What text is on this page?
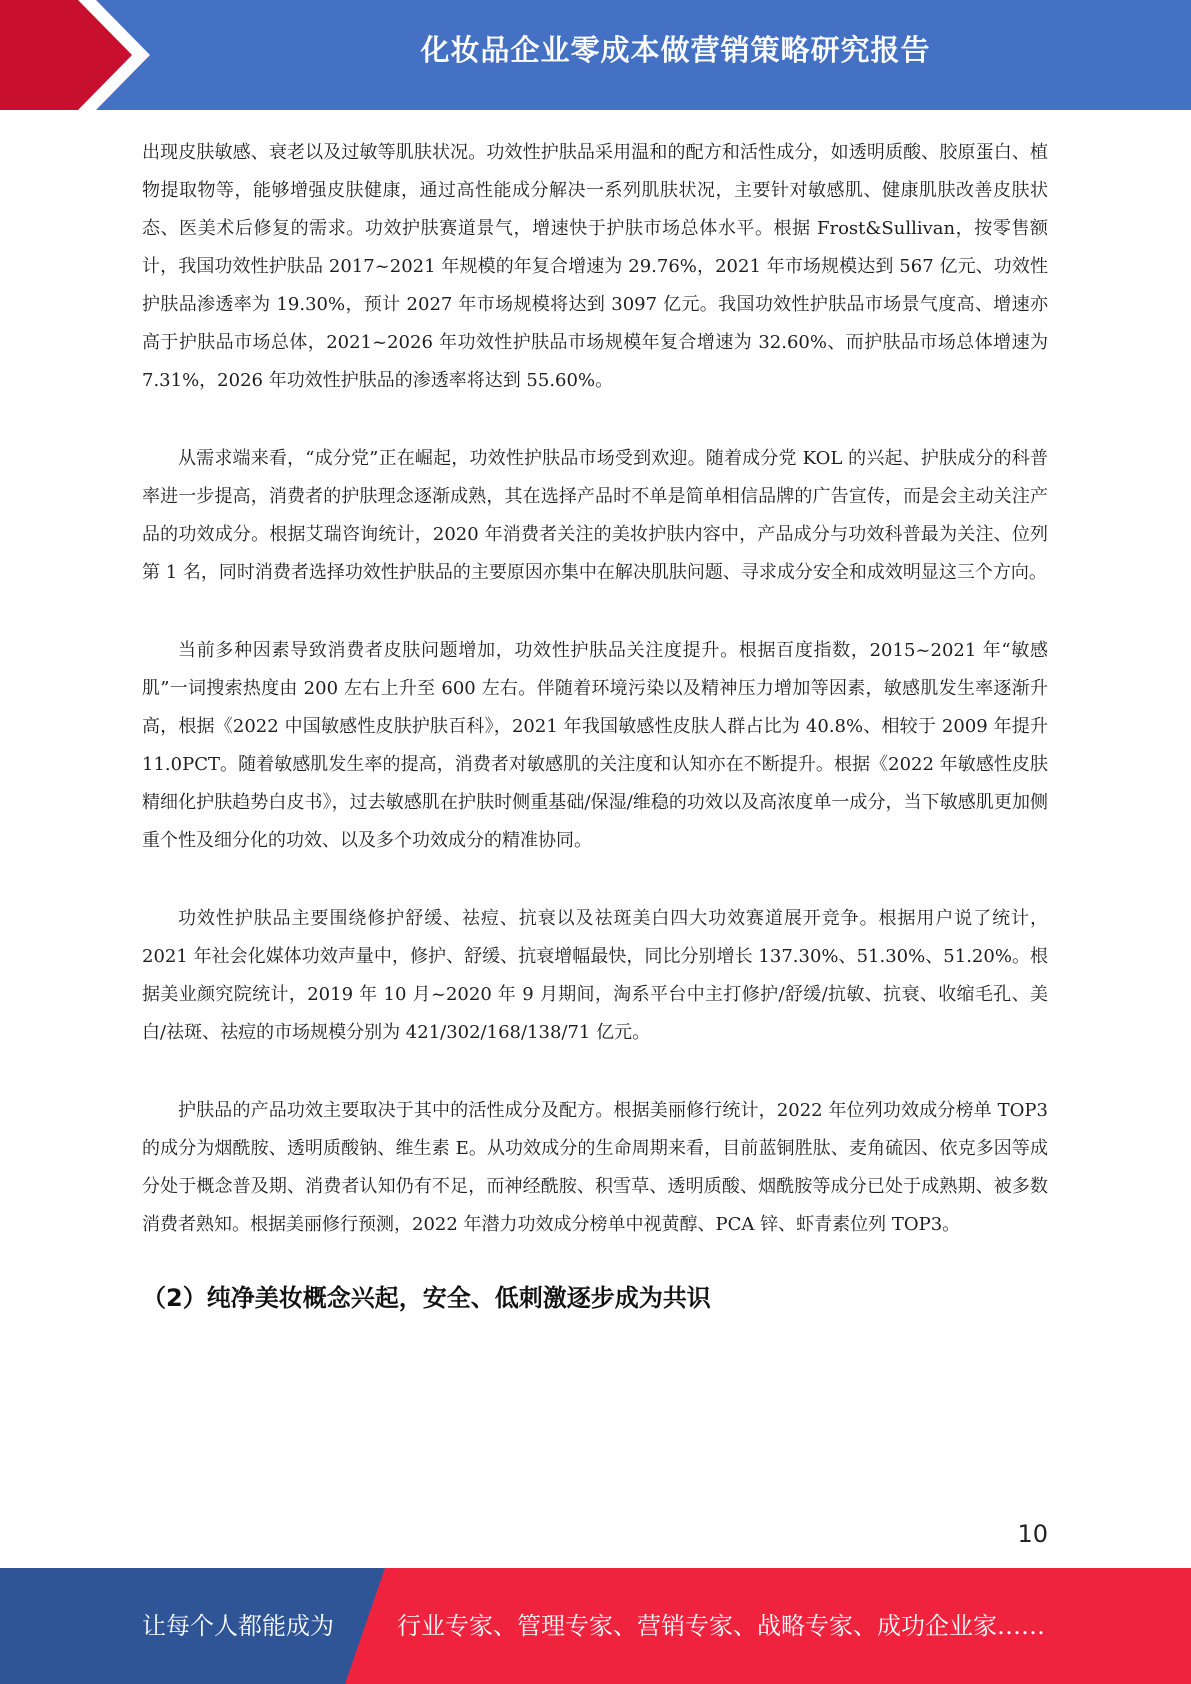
化妆品企业零成本做营销策略研究报告

出现皮肤敏感、衰老以及过敏等肌肤状况。功效性护肤品采用温和的配方和活性成分，如透明质酸、胶原蛋白、植物提取物等，能够增强皮肤健康，通过高性能成分解决一系列肌肤状况，主要针对敏感肌、健康肌肤改善皮肤状态、医美术后修复的需求。功效护肤赛道景气，增速快于护肤市场总体水平。根据 Frost&Sullivan，按零售额计，我国功效性护肤品 2017~2021 年规模的年复合增速为 29.76%，2021 年市场规模达到 567 亿元、功效性护肤品渗透率为 19.30%，预计 2027 年市场规模将达到 3097 亿元。我国功效性护肤品市场景气度高、增速亦高于护肤品市场总体，2021~2026 年功效性护肤品市场规模年复合增速为 32.60%、而护肤品市场总体增速为 7.31%，2026 年功效性护肤品的渗透率将达到 55.60%。

从需求端来看，“成分党”正在崛起，功效性护肤品市场受到欢迎。随着成分党 KOL 的兴起、护肤成分的科普率进一步提高，消费者的护肤理念逐渐成熟，其在选择产品时不单是简单相信品牌的广告宣传，而是会主动关注产品的功效成分。根据艾瑞咨询统计，2020 年消费者关注的美妆护肤内容中，产品成分与功效科普最为关注、位列第 1 名，同时消费者选择功效性护肤品的主要原因亦集中在解决肌肤问题、寻求成分安全和成效明显这三个方向。

当前多种因素导致消费者皮肤问题增加，功效性护肤品关注度提升。根据百度指数，2015~2021 年“敏感肌”一词搜索热度由 200 左右上升至 600 左右。伴随着环境污染以及精神压力增加等因素，敏感肌发生率逐渐升高，根据《2022 中国敏感性皮肤护肤百科》，2021 年我国敏感性皮肤人群占比为 40.8%、相较于 2009 年提升 11.0PCT。随着敏感肌发生率的提高，消费者对敏感肌的关注度和认知亦在不断提升。根据《2022 年敏感性皮肤精细化护肤趋势白皮书》，过去敏感肌在护肤时侧重基础/保湿/维稳的功效以及高浓度单一成分，当下敏感肌更加侧重个性及细分化的功效、以及多个功效成分的精准协同。

功效性护肤品主要围绕修护舒缓、祛痘、抗衰以及祛斑美白四大功效赛道展开竞争。根据用户说了统计，2021 年社会化媒体功效声量中，修护、舒缓、抗衰增幅最快，同比分别增长 137.30%、51.30%、51.20%。根据美业颜究院统计，2019 年 10 月~2020 年 9 月期间，淘系平台中主打修护/舒缓/抗敏、抗衰、收缩毛孔、美白/祛斑、祛痘的市场规模分别为 421/302/168/138/71 亿元。

护肤品的产品功效主要取决于其中的活性成分及配方。根据美丽修行统计，2022 年位列功效成分榜单 TOP3 的成分为烟酰胺、透明质酸钠、维生素 E。从功效成分的生命周期来看，目前蓝铜胜肽、麦角硫因、依克多因等成分处于概念普及期、消费者认知仍有不足，而神经酰胺、积雪草、透明质酸、烟酰胺等成分已处于成熟期、被多数消费者熟知。根据美丽修行预测，2022 年潜力功效成分榜单中视黄醇、PCA 锌、虾青素位列 TOP3。

（2）纯净美妆概念兴起，安全、低刺激逐步成为共识
10
让每个人都能成为	行业专家、管理专家、营销专家、战略专家、成功企业家……
